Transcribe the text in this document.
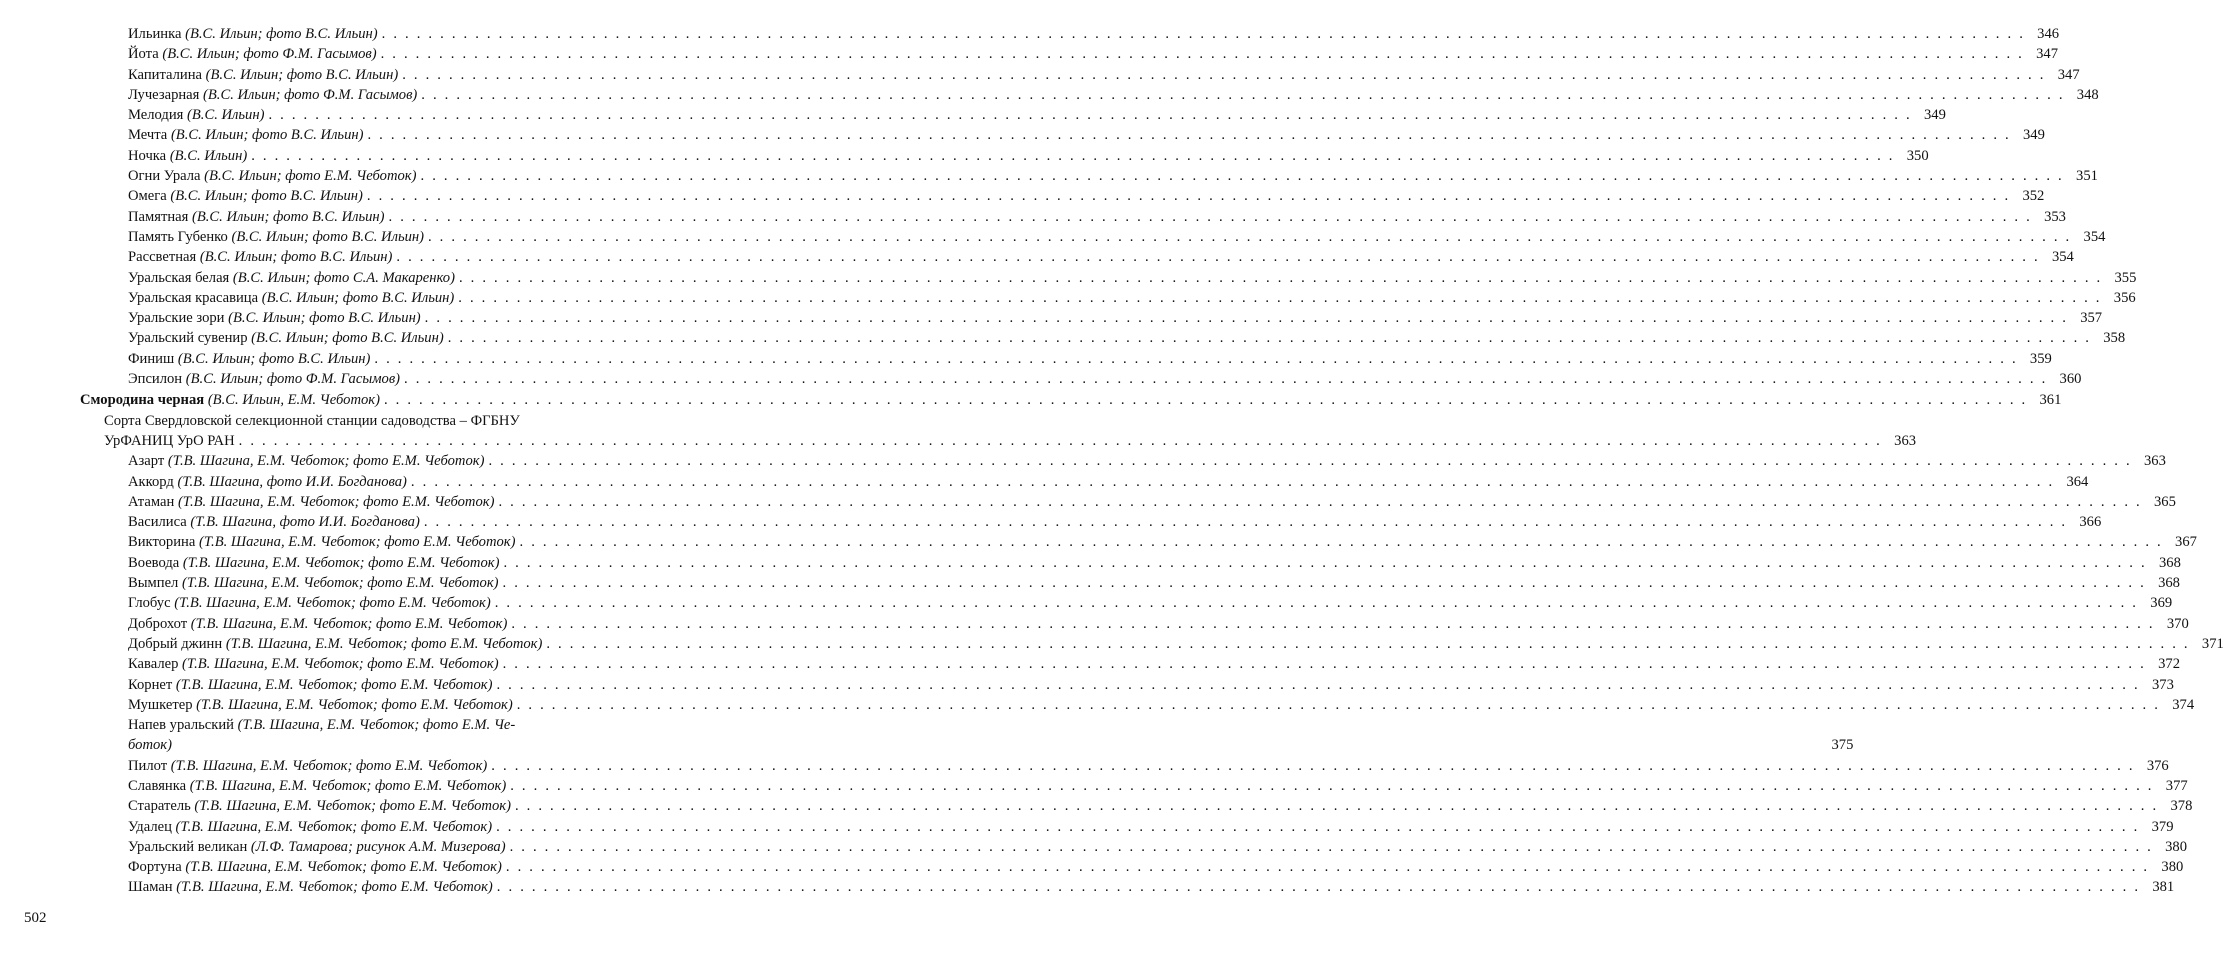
Ильинка (В.С. Ильин; фото В.С. Ильин) . . .	346
Йота (В.С. Ильин; фото Ф.М. Гасымов) . . .	347
Капиталина (В.С. Ильин; фото В.С. Ильин) . . .	347
Лучезарная (В.С. Ильин; фото Ф.М. Гасымов) . . .	348
Мелодия (В.С. Ильин) . . .	349
Мечта (В.С. Ильин; фото В.С. Ильин) . . .	349
Ночка (В.С. Ильин) . . .	350
Огни Урала (В.С. Ильин; фото Е.М. Чеботок) . . .	351
Омега (В.С. Ильин; фото В.С. Ильин) . . .	352
Памятная (В.С. Ильин; фото В.С. Ильин) . . .	353
Память Губенко (В.С. Ильин; фото В.С. Ильин) . . .	354
Рассветная (В.С. Ильин; фото В.С. Ильин) . . .	354
Уральская белая (В.С. Ильин; фото С.А. Макаренко) . . .	355
Уральская красавица (В.С. Ильин; фото В.С. Ильин) . . .	356
Уральские зори (В.С. Ильин; фото В.С. Ильин) . . .	357
Уральский сувенир (В.С. Ильин; фото В.С. Ильин) . . .	358
Финиш (В.С. Ильин; фото В.С. Ильин) . . .	359
Эпсилон (В.С. Ильин; фото Ф.М. Гасымов) . . .	360
Смородина черная (В.С. Ильин, Е.М. Чеботок) . . .	361
Сорта Свердловской селекционной станции садоводства – ФГБНУ
УрФАНИЦ УрО РАН . . .	363
Азарт (Т.В. Шагина, Е.М. Чеботок; фото Е.М. Чеботок) . . .	363
Аккорд (Т.В. Шагина, фото И.И. Богданова) . . .	364
Атаман (Т.В. Шагина, Е.М. Чеботок; фото Е.М. Чеботок) . . .	365
Василиса (Т.В. Шагина, фото И.И. Богданова) . . .	366
Викторина (Т.В. Шагина, Е.М. Чеботок; фото Е.М. Чеботок) . . .	367
Воевода (Т.В. Шагина, Е.М. Чеботок; фото Е.М. Чеботок) . . .	368
Вымпел (Т.В. Шагина, Е.М. Чеботок; фото Е.М. Чеботок) . . .	368
Глобус (Т.В. Шагина, Е.М. Чеботок; фото Е.М. Чеботок) . . .	369
Доброхот (Т.В. Шагина, Е.М. Чеботок; фото Е.М. Чеботок) . . .	370
Добрый джинн (Т.В. Шагина, Е.М. Чеботок; фото Е.М. Чеботок) . . .	371
Кавалер (Т.В. Шагина, Е.М. Чеботок; фото Е.М. Чеботок) . . .	372
Корнет (Т.В. Шагина, Е.М. Чеботок; фото Е.М. Чеботок) . . .	373
Мушкетер (Т.В. Шагина, Е.М. Чеботок; фото Е.М. Чеботок) . . .	374
Напев уральский (Т.В. Шагина, Е.М. Чеботок; фото Е.М. Че-
боток)	375
Пилот (Т.В. Шагина, Е.М. Чеботок; фото Е.М. Чеботок) . . .	376
Славянка (Т.В. Шагина, Е.М. Чеботок; фото Е.М. Чеботок) . . .	377
Старатель (Т.В. Шагина, Е.М. Чеботок; фото Е.М. Чеботок) . . .	378
Удалец (Т.В. Шагина, Е.М. Чеботок; фото Е.М. Чеботок) . . .	379
Уральский великан (Л.Ф. Тамарова; рисунок А.М. Мизерова) . . .	380
Фортуна (Т.В. Шагина, Е.М. Чеботок; фото Е.М. Чеботок) . . .	380
Шаман (Т.В. Шагина, Е.М. Чеботок; фото Е.М. Чеботок) . . .	381
502
